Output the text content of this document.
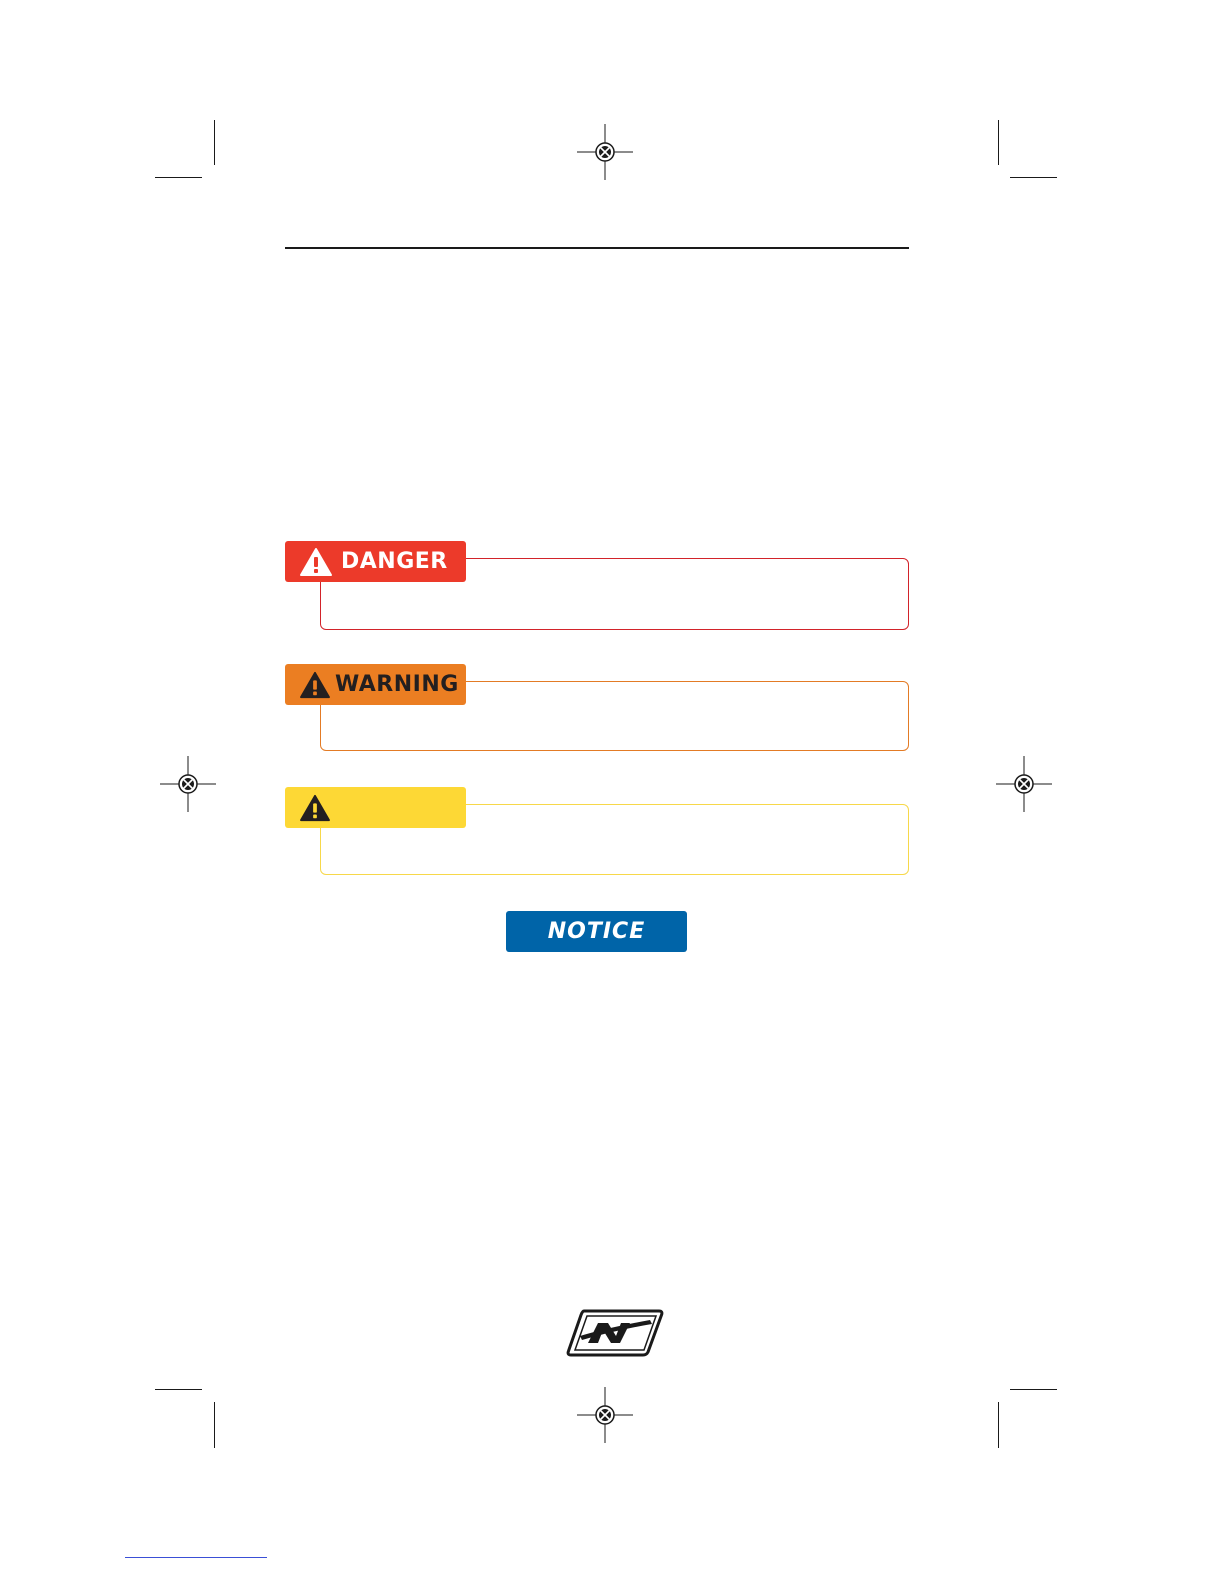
DANGER
WARNING
NOTICE
